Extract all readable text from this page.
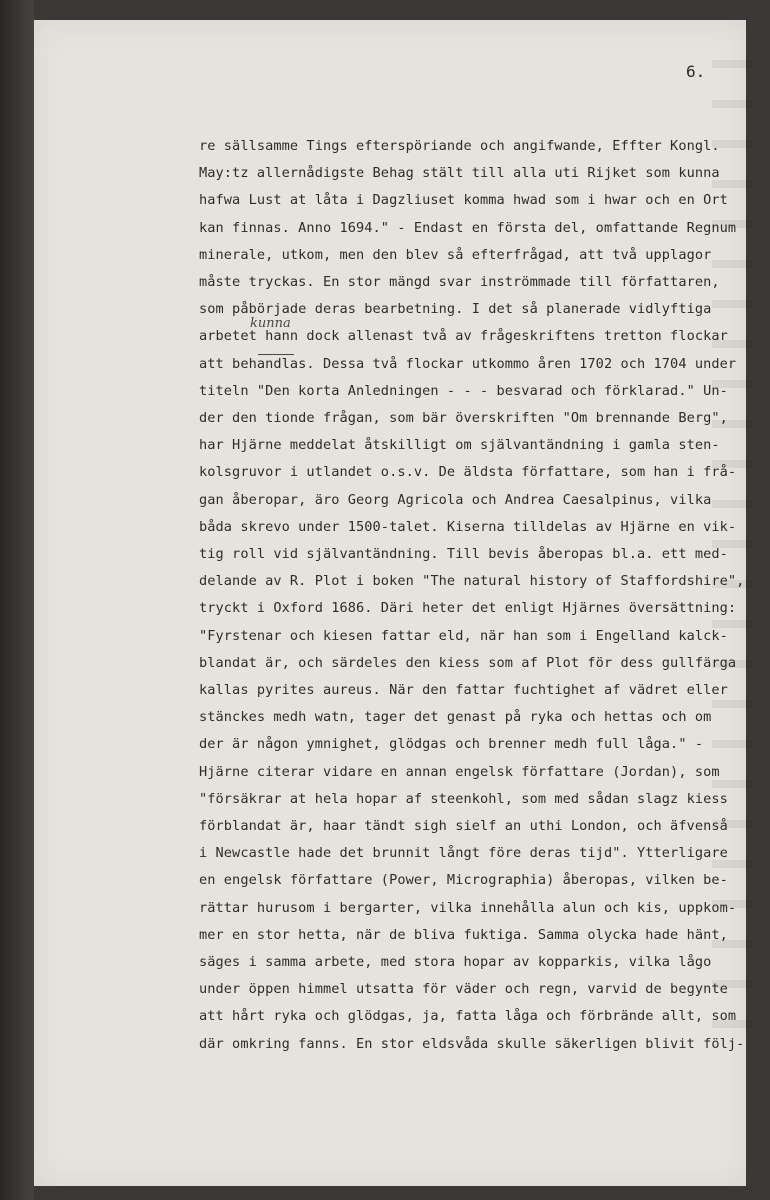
6.
kunna
re sällsamme Tings efterspöriande och angifwande, Effter Kongl.
May:tz allernådigste Behag stält till alla uti Rijket som kunna
hafwa Lust at låta i Dagzliuset komma hwad som i hwar och en Ort
kan finnas. Anno 1694." - Endast en första del, omfattande Regnum
minerale, utkom, men den blev så efterfrågad, att två upplagor
måste tryckas. En stor mängd svar inströmmade till författaren,
som påbörjade deras bearbetning. I det så planerade vidlyftiga
arbetet hann dock allenast två av frågeskriftens tretton flockar
att behandlas. Dessa två flockar utkommo åren 1702 och 1704 under
titeln "Den korta Anledningen - - - besvarad och förklarad." Un-
der den tionde frågan, som bär överskriften "Om brennande Berg",
har Hjärne meddelat åtskilligt om självantändning i gamla sten-
kolsgruvor i utlandet o.s.v. De äldsta författare, som han i frå-
gan åberopar, äro Georg Agricola och Andrea Caesalpinus, vilka
båda skrevo under 1500-talet. Kiserna tilldelas av Hjärne en vik-
tig roll vid självantändning. Till bevis åberopas bl.a. ett med-
delande av R. Plot i boken "The natural history of Staffordshire",
tryckt i Oxford 1686. Däri heter det enligt Hjärnes översättning:
"Fyrstenar och kiesen fattar eld, när han som i Engelland kalck-
blandat är, och särdeles den kiess som af Plot för dess gullfärga
kallas pyrites aureus. När den fattar fuchtighet af vädret eller
stänckes medh watn, tager det genast på ryka och hettas och om
der är någon ymnighet, glödgas och brenner medh full låga." -
Hjärne citerar vidare en annan engelsk författare (Jordan), som
"försäkrar at hela hopar af steenkohl, som med sådan slagz kiess
förblandat är, haar tändt sigh sielf an uthi London, och äfvenså
i Newcastle hade det brunnit långt före deras tijd". Ytterligare
en engelsk författare (Power, Micrographia) åberopas, vilken be-
rättar hurusom i bergarter, vilka innehålla alun och kis, uppkom-
mer en stor hetta, när de bliva fuktiga. Samma olycka hade hänt,
säges i samma arbete, med stora hopar av kopparkis, vilka lågo
under öppen himmel utsatta för väder och regn, varvid de begynte
att hårt ryka och glödgas, ja, fatta låga och förbrände allt, som
där omkring fanns. En stor eldsvåda skulle säkerligen blivit följ-
